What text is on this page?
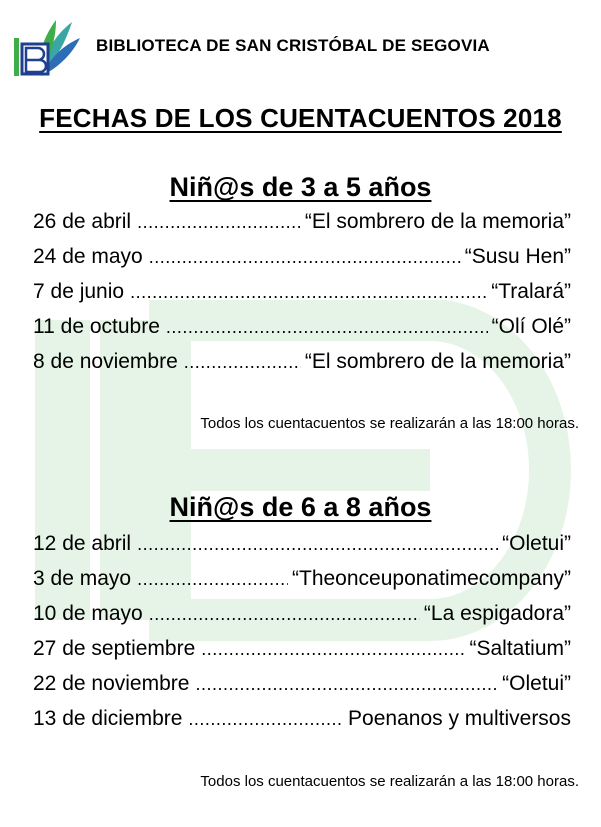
BIBLIOTECA DE SAN CRISTÓBAL DE SEGOVIA
FECHAS DE LOS CUENTACUENTOS 2018
Niñ@s de 3 a 5 años
26 de abril .....	“El sombrero de la memoria”
24 de mayo .....	“Susu Hen”
7 de junio .....	“Tralará”
11 de octubre .....	“Olí Olé”
8 de noviembre .....	“El sombrero de la memoria”
Todos los cuentacuentos se realizarán a las 18:00 horas.
Niñ@s de 6 a 8 años
12 de abril .....	“Oletui”
3 de mayo .....	“Theonceuponatimecompany”
10 de mayo .....	“La espigadora”
27 de septiembre .....	“Saltatium”
22 de noviembre .....	“Oletui”
13 de diciembre .....	Poenanos y multiversos
Todos los cuentacuentos se realizarán a las 18:00 horas.
